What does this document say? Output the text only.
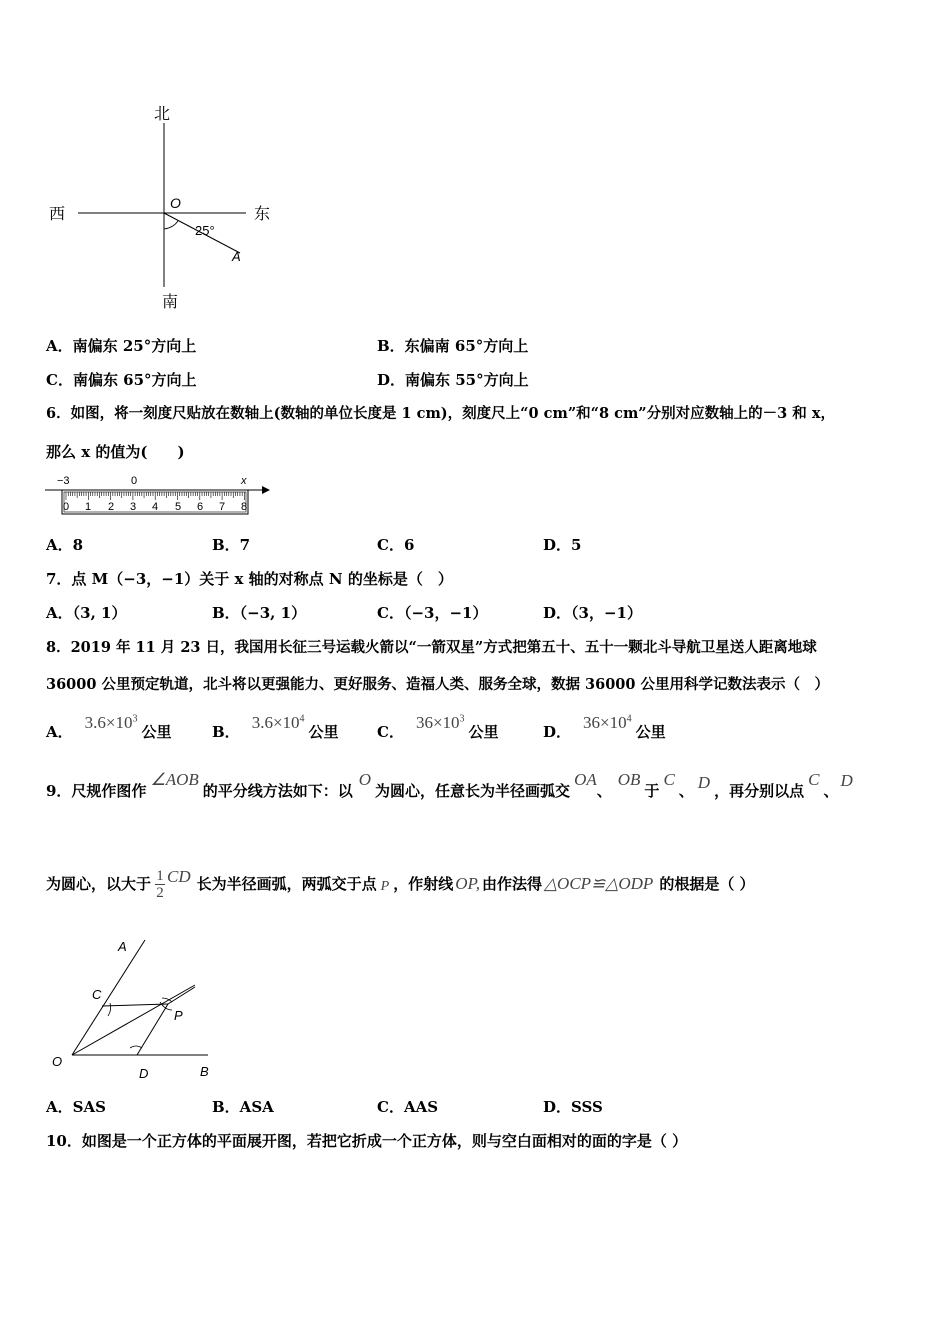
北
南
西	东
O
A
25°
A．南偏东 25°方向上	B．东偏南 65°方向上
C．南偏东 65°方向上	D．南偏东 55°方向上
6．如图，将一刻度尺贴放在数轴上(数轴的单位长度是 1 cm)，刻度尺上“0 cm”和“8 cm”分别对应数轴上的－3 和 x，
那么 x 的值为(　　)
−3	0	x
0 1 2 3 4 5 6 7 8
A．8	B．7	C．6	D．5
7．点 M（−3，−1）关于 x 轴的对称点 N 的坐标是（　）
A．（3, 1）	B．（−3, 1）	C．（−3，−1）	D．（3，−1）
8．2019 年 11 月 23 日，我国用长征三号运载火箭以“一箭双星”方式把第五十、五十一颗北斗导航卫星送人距离地球
36000 公里预定轨道，北斗将以更强能力、更好服务、造福人类、服务全球，数据 36000 公里用科学记数法表示（　）
A． $3.6\times 10^3$
公里	B． $3.6\times 10^4$
公里	C． $36\times 10^3$
公里	D． $36\times 10^4$
公里
9．尺规作图作
∠AOB
的平分线方法如下：以
O
为圆心，任意长为半径画弧交
OA
、
OB
于
C
、 D ，再分别以点
C
、
D
为圆心，以大于 1
2
CD 长为半径画弧，两弧交于点 P ，作射线 OP, 由作法得 △OCP≌△ODP 的根据是（ ）
A
C
P
O
D	B
A．SAS	B．ASA	C．AAS	D．SSS
10．如图是一个正方体的平面展开图，若把它折成一个正方体，则与空白面相对的面的字是（ ）
